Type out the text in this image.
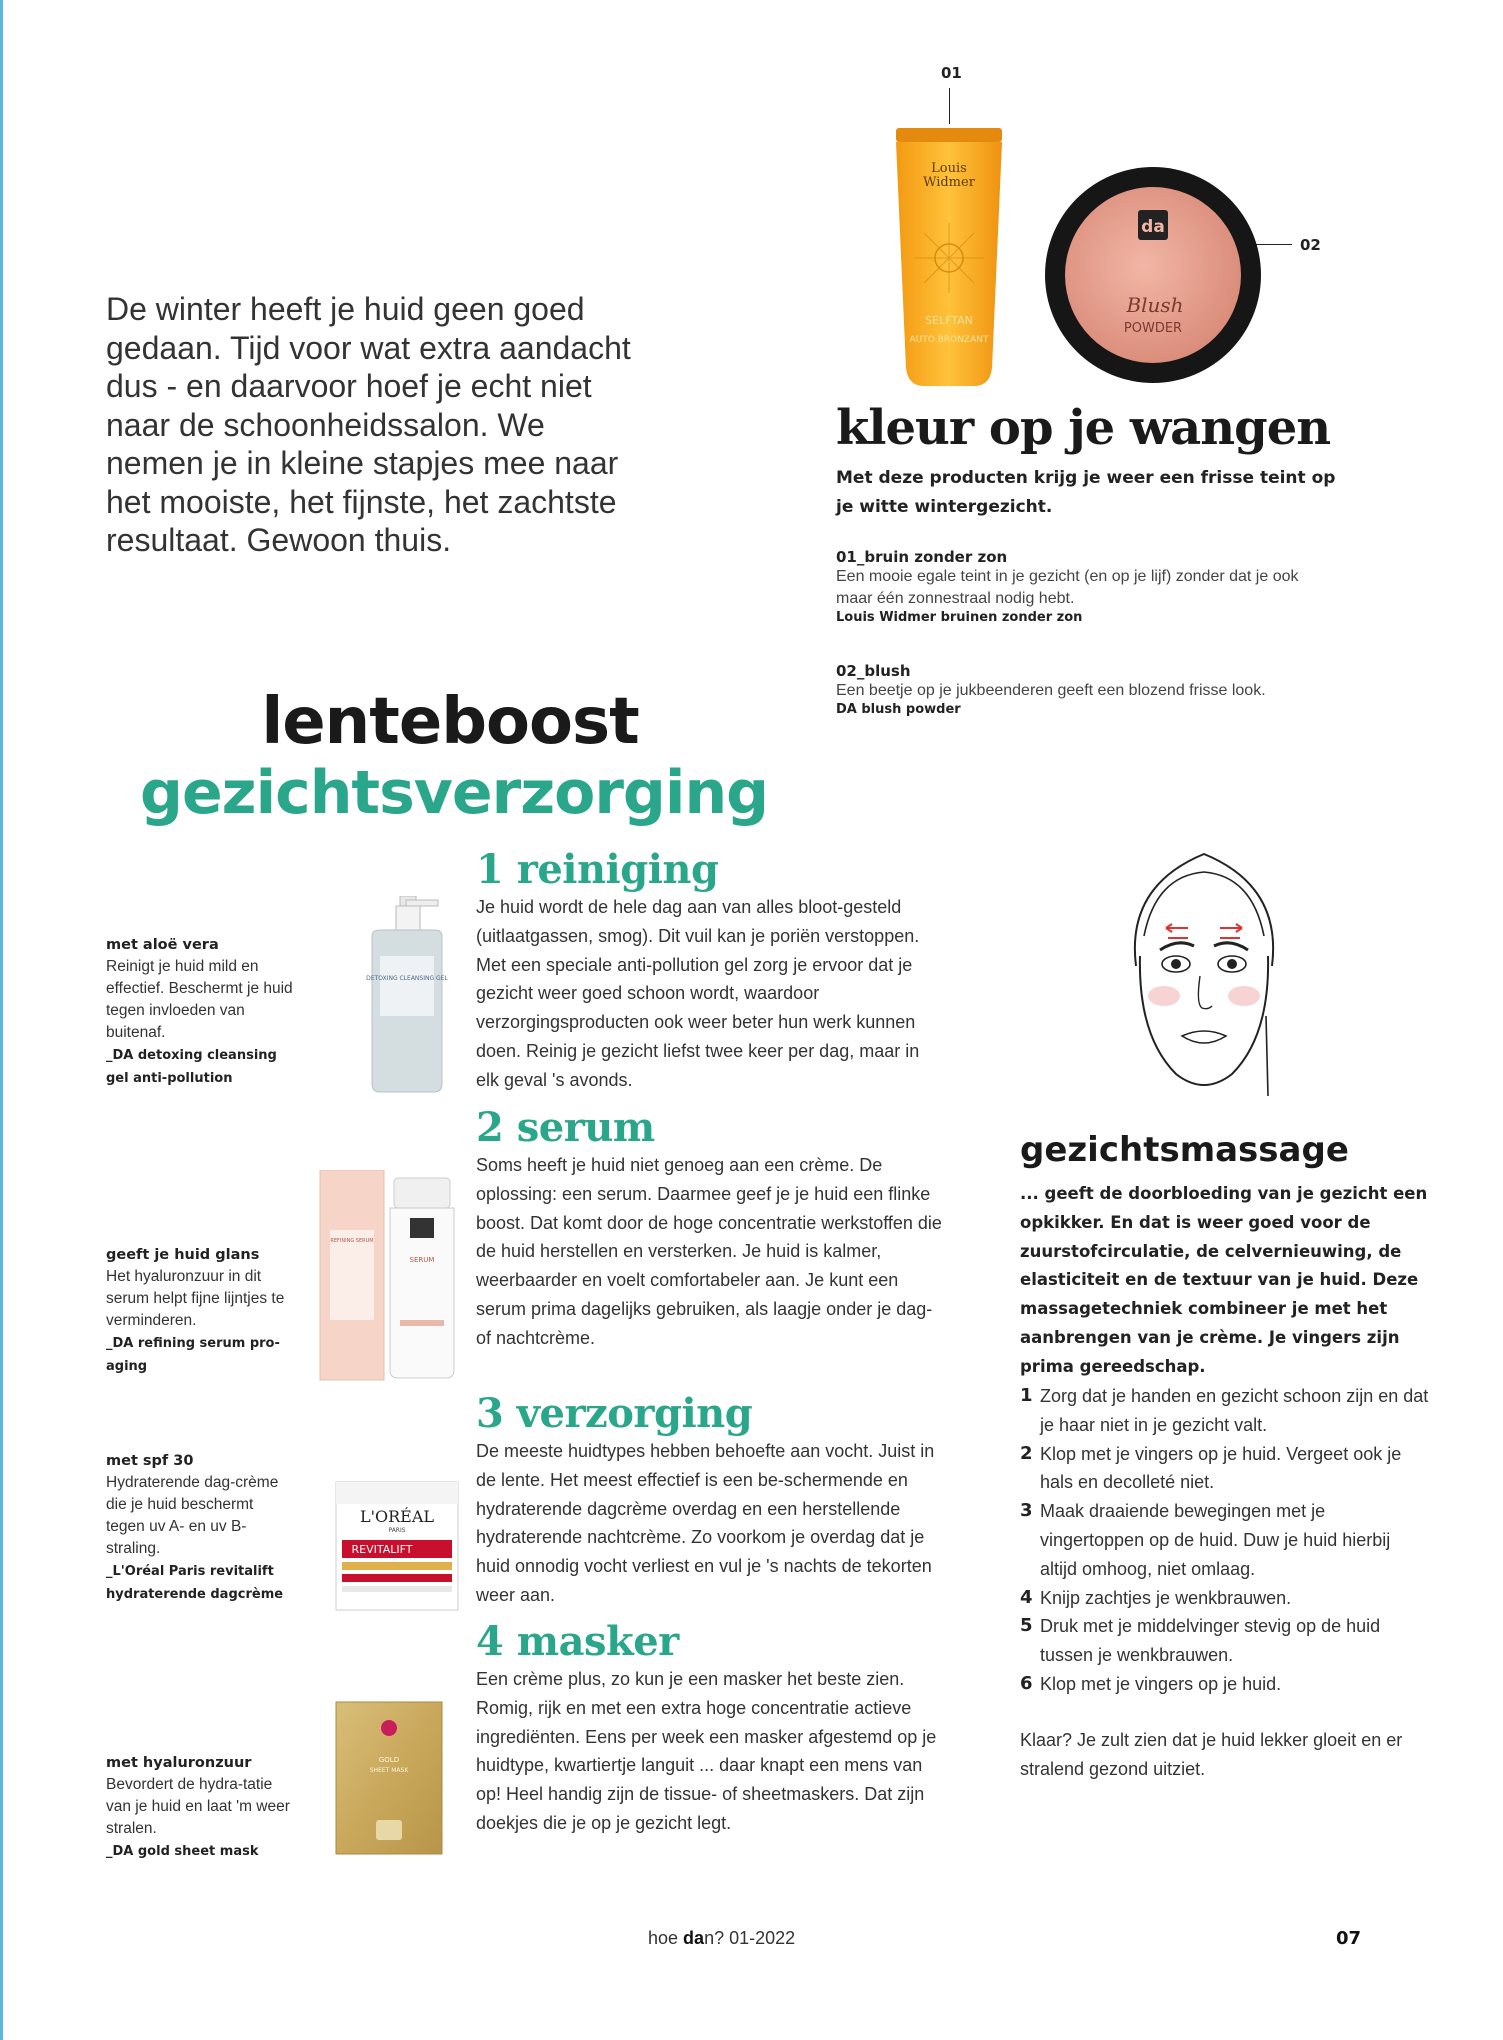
De winter heeft je huid geen goed gedaan. Tijd voor wat extra aandacht dus - en daarvoor hoef je echt niet naar de schoonheidssalon. We nemen je in kleine stapjes mee naar het mooiste, het fijnste, het zachtste resultaat. Gewoon thuis.
01
02
Louis
Widmer
SELFTAN
AUTO BRONZANT
da
Blush
POWDER
kleur op je wangen
Met deze producten krijg je weer een frisse teint op je witte wintergezicht.
01_bruin zonder zon
Een mooie egale teint in je gezicht (en op je lijf) zonder dat je ook maar één zonnestraal nodig hebt.
Louis Widmer bruinen zonder zon
02_blush
Een beetje op je jukbeenderen geeft een blozend frisse look.
DA blush powder
lenteboost
gezichtsverzorging
met aloë vera
Reinigt je huid mild en effectief. Beschermt je huid tegen invloeden van buitenaf.
_DA detoxing cleansing gel anti-pollution
geeft je huid glans
Het hyaluronzuur in dit serum helpt fijne lijntjes te verminderen.
_DA refining serum pro-aging
met spf 30
Hydraterende dag-crème die je huid beschermt tegen uv A- en uv B-straling.
_L'Oréal Paris revitalift hydraterende dagcrème
met hyaluronzuur
Bevordert de hydra-tatie van je huid en laat 'm weer stralen.
_DA gold sheet mask
DETOXING CLEANSING GEL
REFINING SERUM
SERUM
L'ORÉAL
PARIS
REVITALIFT
GOLD
SHEET MASK
1 reiniging
Je huid wordt de hele dag aan van alles bloot-gesteld (uitlaatgassen, smog). Dit vuil kan je poriën verstoppen. Met een speciale anti-pollution gel zorg je ervoor dat je gezicht weer goed schoon wordt, waardoor verzorgingsproducten ook weer beter hun werk kunnen doen. Reinig je gezicht liefst twee keer per dag, maar in elk geval 's avonds.
2 serum
Soms heeft je huid niet genoeg aan een crème. De oplossing: een serum. Daarmee geef je je huid een flinke boost. Dat komt door de hoge concentratie werkstoffen die de huid herstellen en versterken. Je huid is kalmer, weerbaarder en voelt comfortabeler aan. Je kunt een serum prima dagelijks gebruiken, als laagje onder je dag- of nachtcrème.
3 verzorging
De meeste huidtypes hebben behoefte aan vocht. Juist in de lente. Het meest effectief is een be-schermende en hydraterende dagcrème overdag en een herstellende hydraterende nachtcrème. Zo voorkom je overdag dat je huid onnodig vocht verliest en vul je 's nachts de tekorten weer aan.
4 masker
Een crème plus, zo kun je een masker het beste zien. Romig, rijk en met een extra hoge concentratie actieve ingrediënten. Eens per week een masker afgestemd op je huidtype, kwartiertje languit ... daar knapt een mens van op! Heel handig zijn de tissue- of sheetmaskers. Dat zijn doekjes die je op je gezicht legt.
gezichtsmassage
... geeft de doorbloeding van je gezicht een opkikker. En dat is weer goed voor de zuurstofcirculatie, de celvernieuwing, de elasticiteit en de textuur van je huid. Deze massagetechniek combineer je met het aanbrengen van je crème. Je vingers zijn prima gereedschap.
1 Zorg dat je handen en gezicht schoon zijn en dat je haar niet in je gezicht valt.
2 Klop met je vingers op je huid. Vergeet ook je hals en decolleté niet.
3 Maak draaiende bewegingen met je vingertoppen op de huid. Duw je huid hierbij altijd omhoog, niet omlaag.
4 Knijp zachtjes je wenkbrauwen.
5 Druk met je middelvinger stevig op de huid tussen je wenkbrauwen.
6 Klop met je vingers op je huid.
Klaar? Je zult zien dat je huid lekker gloeit en er stralend gezond uitziet.
hoe dan? 01-2022	07
